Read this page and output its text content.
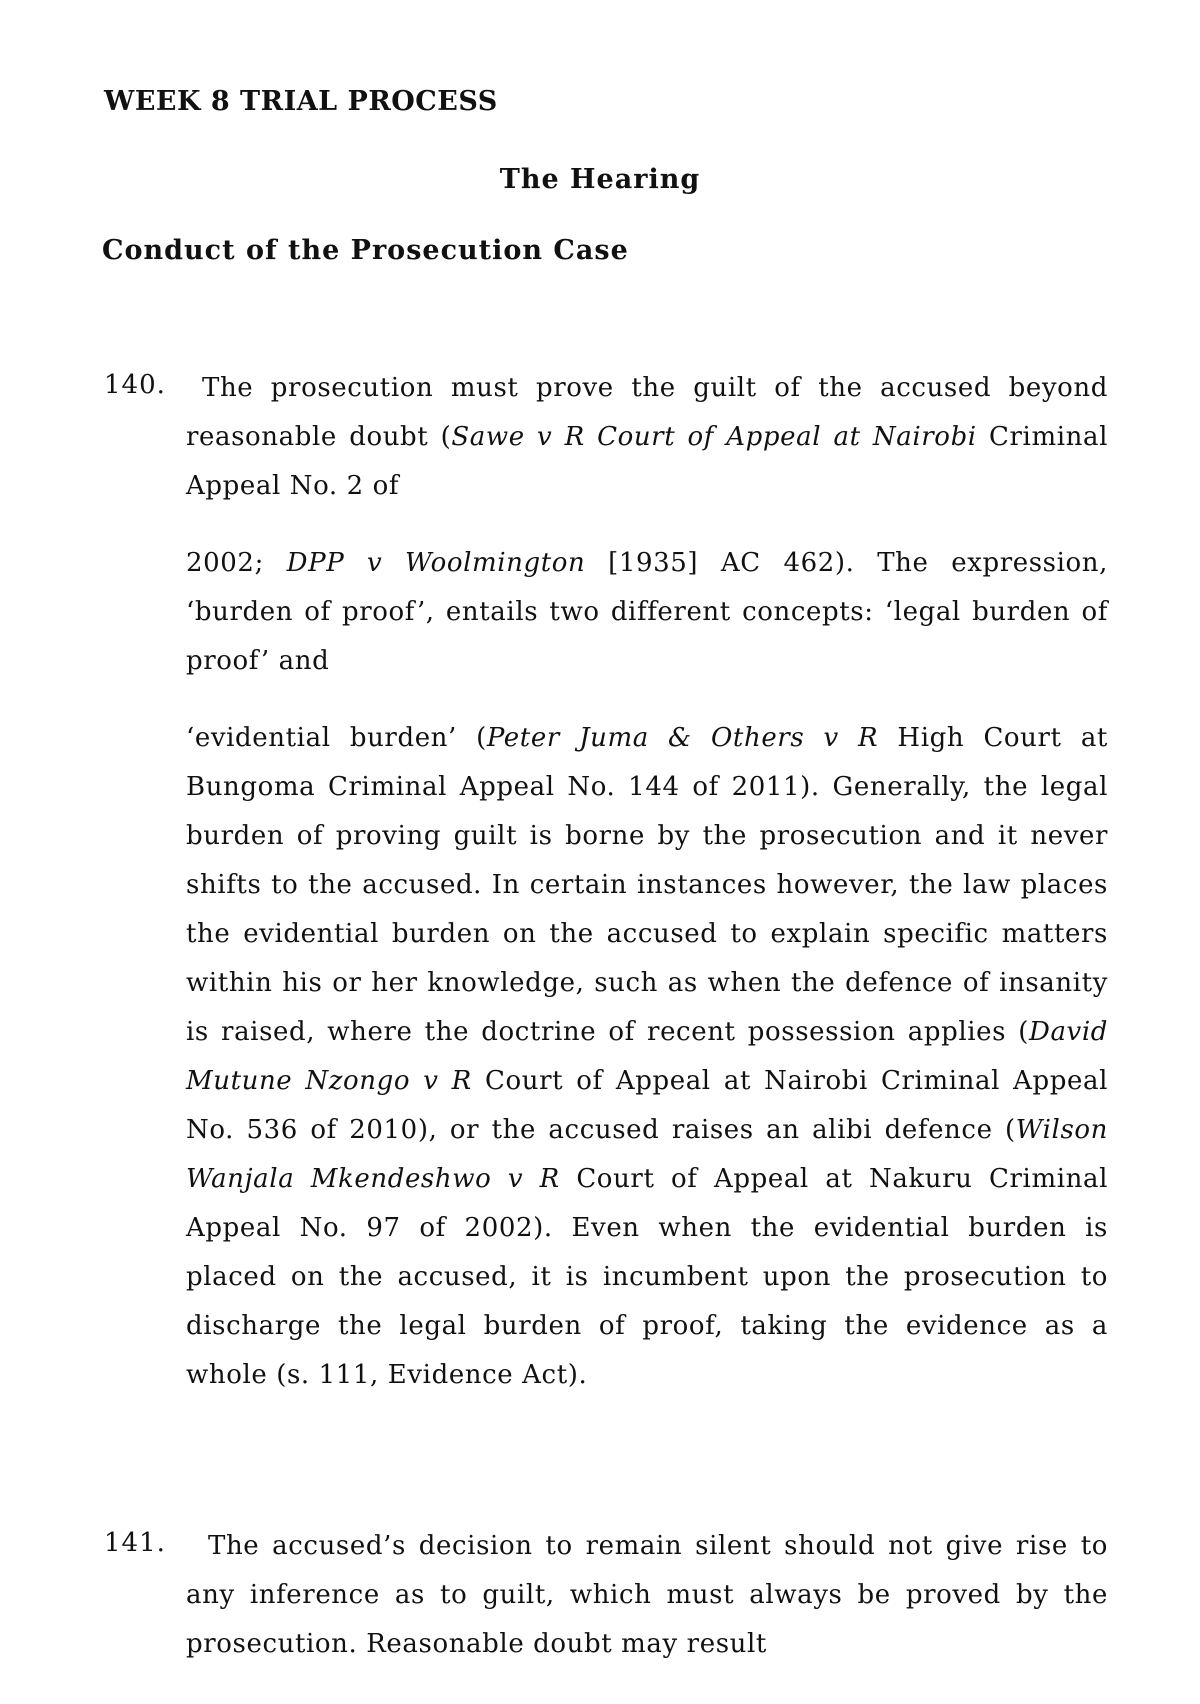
WEEK 8 TRIAL PROCESS
The Hearing
Conduct of the Prosecution Case
140.	The prosecution must prove the guilt of the accused beyond reasonable doubt (Sawe v R Court of Appeal at Nairobi Criminal Appeal No. 2 of

2002; DPP v Woolmington [1935] AC 462). The expression, ‘burden of proof’, entails two different concepts: ‘legal burden of proof’ and

‘evidential burden’ (Peter Juma & Others v R High Court at Bungoma Criminal Appeal No. 144 of 2011). Generally, the legal burden of proving guilt is borne by the prosecution and it never shifts to the accused. In certain instances however, the law places the evidential burden on the accused to explain specific matters within his or her knowledge, such as when the defence of insanity is raised, where the doctrine of recent possession applies (David Mutune Nzongo v R Court of Appeal at Nairobi Criminal Appeal No. 536 of 2010), or the accused raises an alibi defence (Wilson Wanjala Mkendeshwo v R Court of Appeal at Nakuru Criminal Appeal No. 97 of 2002). Even when the evidential burden is placed on the accused, it is incumbent upon the prosecution to discharge the legal burden of proof, taking the evidence as a whole (s. 111, Evidence Act).

141.	The accused’s decision to remain silent should not give rise to any inference as to guilt, which must always be proved by the prosecution. Reasonable doubt may result
